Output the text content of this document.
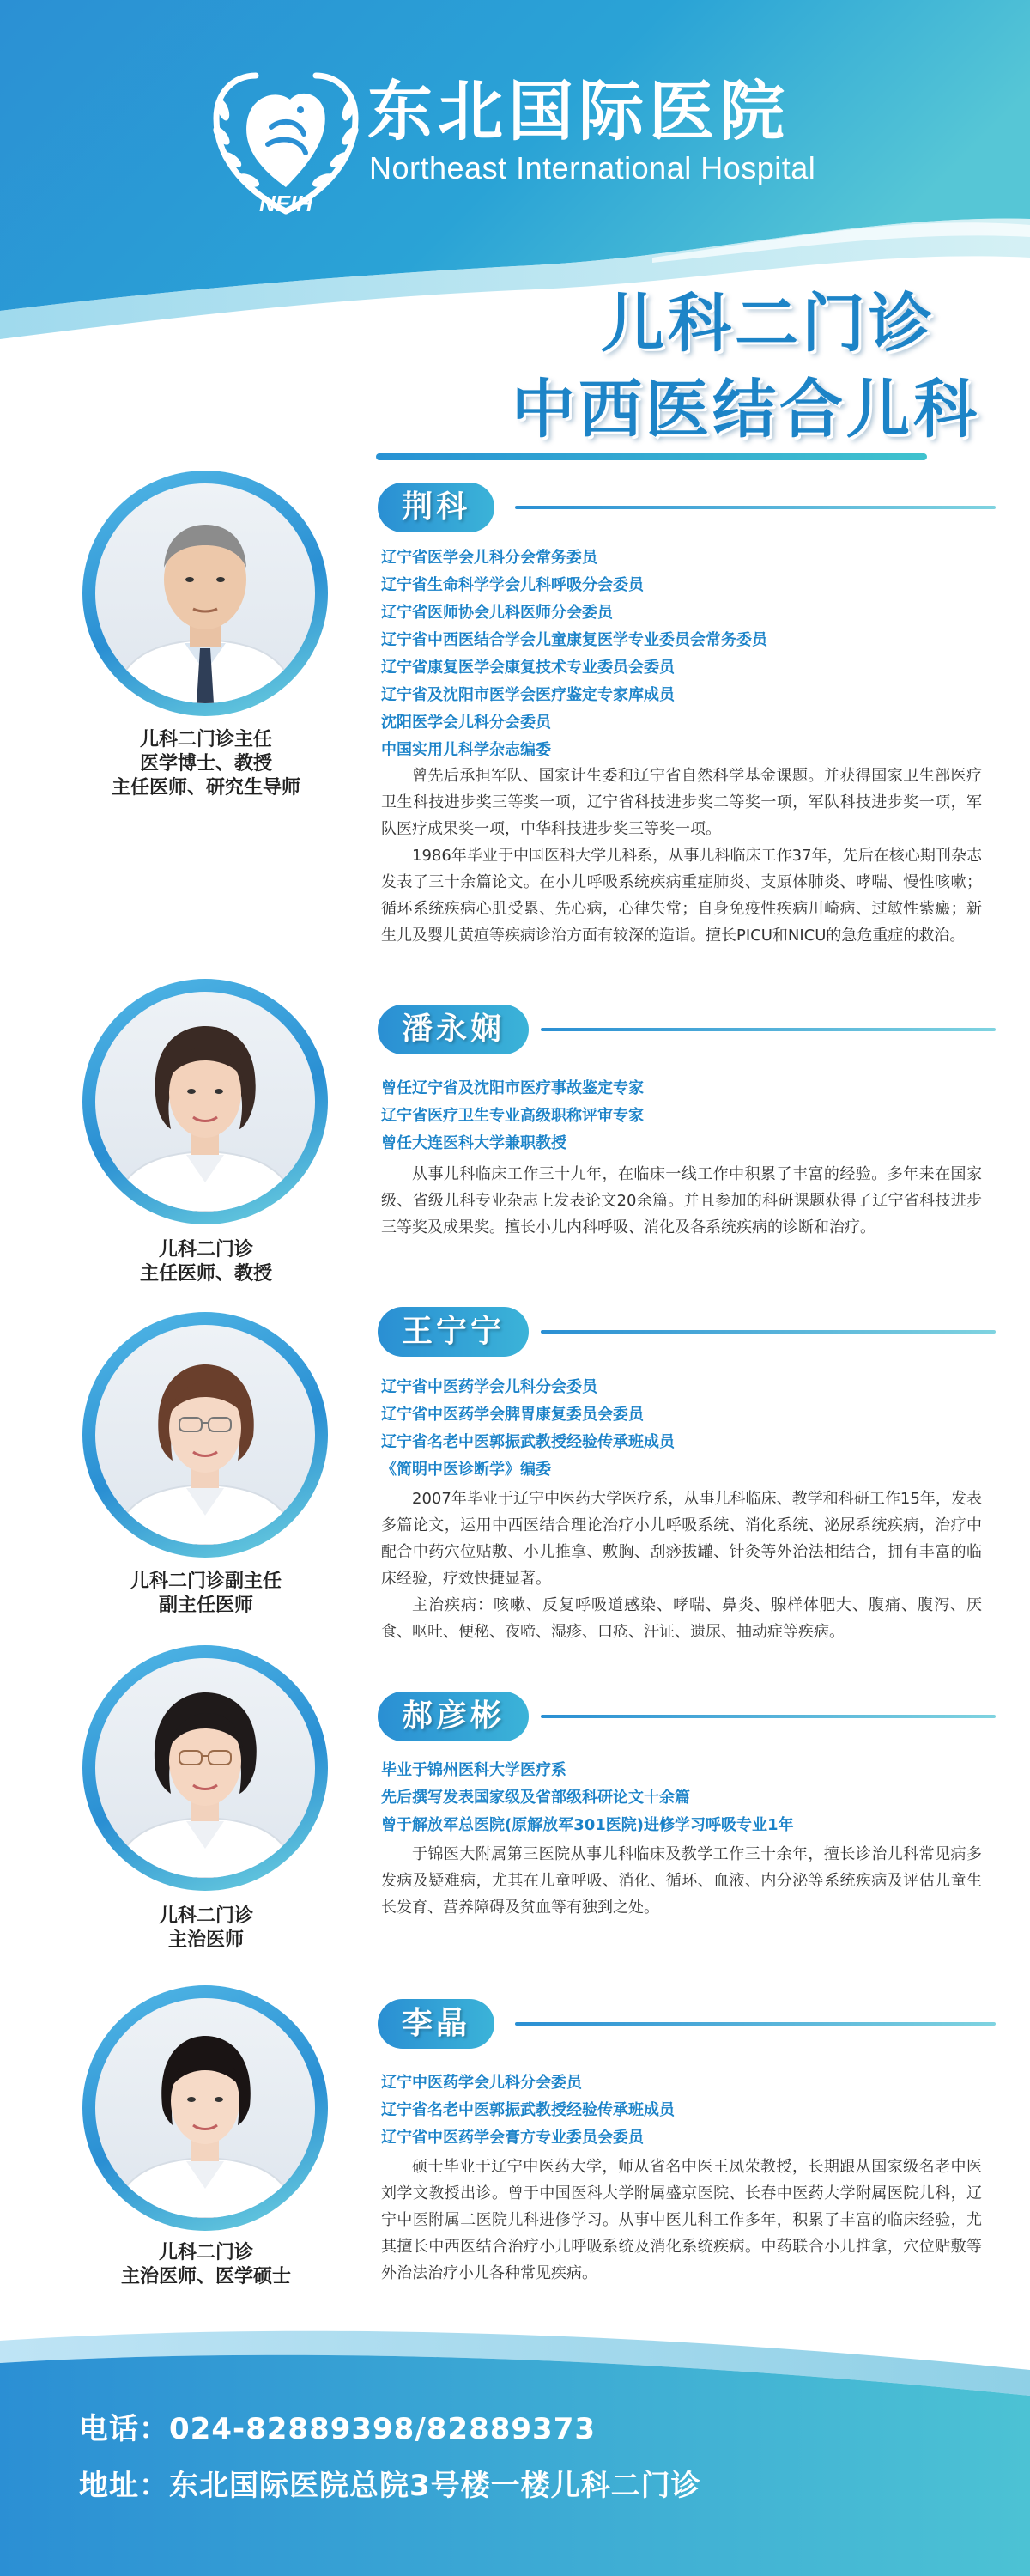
NEIH
东北国际医院
Northeast International Hospital
儿科二门诊
中西医结合儿科
儿科二门诊主任
医学博士、教授
主任医师、研究生导师
荆科
辽宁省医学会儿科分会常务委员
辽宁省生命科学学会儿科呼吸分会委员
辽宁省医师协会儿科医师分会委员
辽宁省中西医结合学会儿童康复医学专业委员会常务委员
辽宁省康复医学会康复技术专业委员会委员
辽宁省及沈阳市医学会医疗鉴定专家库成员
沈阳医学会儿科分会委员
中国实用儿科学杂志编委

曾先后承担军队、国家计生委和辽宁省自然科学基金课题。并获得国家卫生部医疗卫生科技进步奖三等奖一项，辽宁省科技进步奖二等奖一项，军队科技进步奖一项，军队医疗成果奖一项，中华科技进步奖三等奖一项。

1986年毕业于中国医科大学儿科系，从事儿科临床工作37年，先后在核心期刊杂志发表了三十余篇论文。在小儿呼吸系统疾病重症肺炎、支原体肺炎、哮喘、慢性咳嗽；循环系统疾病心肌受累、先心病，心律失常；自身免疫性疾病川崎病、过敏性紫癜；新生儿及婴儿黄疸等疾病诊治方面有较深的造诣。擅长PICU和NICU的急危重症的救治。

儿科二门诊
主任医师、教授
潘永娴
曾任辽宁省及沈阳市医疗事故鉴定专家
辽宁省医疗卫生专业高级职称评审专家
曾任大连医科大学兼职教授

从事儿科临床工作三十九年，在临床一线工作中积累了丰富的经验。多年来在国家级、省级儿科专业杂志上发表论文20余篇。并且参加的科研课题获得了辽宁省科技进步三等奖及成果奖。擅长小儿内科呼吸、消化及各系统疾病的诊断和治疗。

儿科二门诊副主任
副主任医师
王宁宁
辽宁省中医药学会儿科分会委员
辽宁省中医药学会脾胃康复委员会委员
辽宁省名老中医郭振武教授经验传承班成员
《简明中医诊断学》编委

2007年毕业于辽宁中医药大学医疗系，从事儿科临床、教学和科研工作15年，发表多篇论文，运用中西医结合理论治疗小儿呼吸系统、消化系统、泌尿系统疾病，治疗中配合中药穴位贴敷、小儿推拿、敷胸、刮痧拔罐、针灸等外治法相结合，拥有丰富的临床经验，疗效快捷显著。

主治疾病：咳嗽、反复呼吸道感染、哮喘、鼻炎、腺样体肥大、腹痛、腹泻、厌食、呕吐、便秘、夜啼、湿疹、口疮、汗证、遗尿、抽动症等疾病。

儿科二门诊
主治医师
郝彦彬
毕业于锦州医科大学医疗系
先后撰写发表国家级及省部级科研论文十余篇
曾于解放军总医院(原解放军301医院)进修学习呼吸专业1年

于锦医大附属第三医院从事儿科临床及教学工作三十余年，擅长诊治儿科常见病多发病及疑难病，尤其在儿童呼吸、消化、循环、血液、内分泌等系统疾病及评估儿童生长发育、营养障碍及贫血等有独到之处。

儿科二门诊
主治医师、医学硕士
李晶
辽宁中医药学会儿科分会委员
辽宁省名老中医郭振武教授经验传承班成员
辽宁省中医药学会膏方专业委员会委员

硕士毕业于辽宁中医药大学，师从省名中医王凤荣教授，长期跟从国家级名老中医刘学文教授出诊。曾于中国医科大学附属盛京医院、长春中医药大学附属医院儿科，辽宁中医附属二医院儿科进修学习。从事中医儿科工作多年，积累了丰富的临床经验，尤其擅长中西医结合治疗小儿呼吸系统及消化系统疾病。中药联合小儿推拿，穴位贴敷等外治法治疗小儿各种常见疾病。

电话：024-82889398/82889373
地址：东北国际医院总院3号楼一楼儿科二门诊
